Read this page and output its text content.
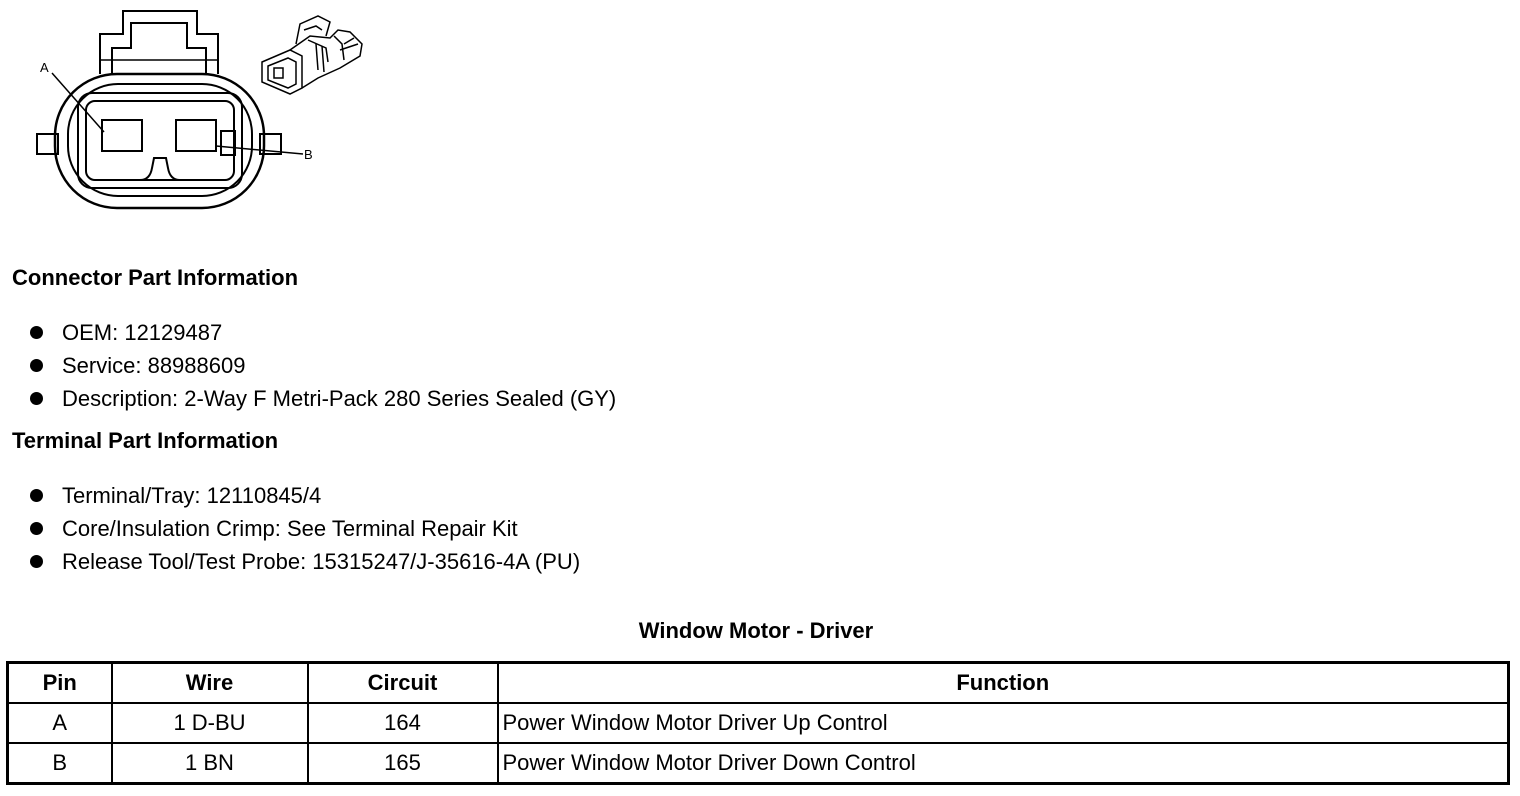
A
B
Connector Part Information
OEM: 12129487
Service: 88988609
Description: 2-Way F Metri-Pack 280 Series Sealed (GY)
Terminal Part Information
Terminal/Tray: 12110845/4
Core/Insulation Crimp: See Terminal Repair Kit
Release Tool/Test Probe: 15315247/J-35616-4A (PU)
Window Motor - Driver
Pin	Wire	Circuit	Function
A	1 D-BU	164	Power Window Motor Driver Up Control
B	1 BN	165	Power Window Motor Driver Down Control
